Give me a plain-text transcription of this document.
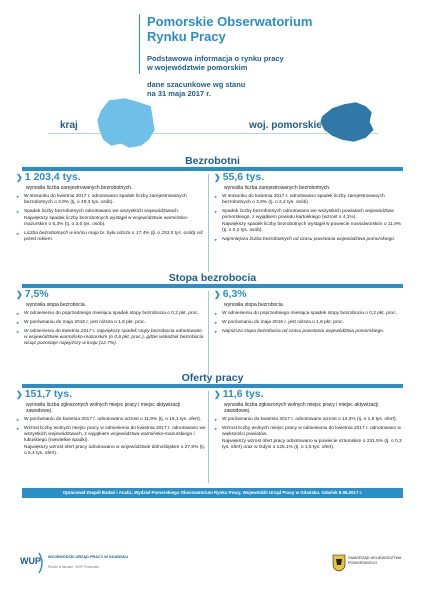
Pomorskie Obserwatorium
Rynku Pracy
Podstawowa informacja o rynku pracy
w województwie pomorskim
dane szacunkowe wg stanu
na 31 maja 2017 r.
kraj	woj. pomorskie
Bezrobotni
❯ 1 203,4 tys.
wynosiła liczba zarejestrowanych bezrobotnych.
► W stosunku do kwietnia 2017 r. odnotowano spadek liczby zarejestrowanych bezrobotnych o 3,9% (tj. o 49,3 tys. osób).
► Spadek liczby bezrobotnych odnotowano we wszystkich województwach.
Największy spadek liczby bezrobotnych wystąpił w województwie warmińsko-mazurskim o 5,3% (tj. o 3,6 tys. osób).
► Liczba bezrobotnych w końcu maja br. była niższa o 17,4% (tj. o 253,5 tys. osób) niż przed rokiem.
❯ 55,6 tys.
wynosiła liczba zarejestrowanych bezrobotnych.
► W stosunku do kwietnia 2017 r. odnotowano spadek liczby zarejestrowanych bezrobotnych o 3,9% (tj. o 2,2 tys. osób).
► Spadek liczby bezrobotnych odnotowano we wszystkich powiatach województwa pomorskiego, z wyjątkiem powiatu kartuskiego (wzrost o 4,1%).
Największy spadek liczby bezrobotnych wystąpił w powiecie nowodworskim o 11,9% (tj. o 0,2 tys. osób).
► Najmniejsza liczba bezrobotnych od czasu powstania województwa pomorskiego.
Stopa bezrobocia
❯ 7,5%
wynosiła stopa bezrobocia.
► W odniesieniu do poprzedniego miesiąca spadek stopy bezrobocia o 0,2 pkt. proc.
► W porównaniu do maja 2016 r. jest niższa o 1,6 pkt. proc.
► W odniesieniu do kwietnia 2017 r. największy spadek stopy bezrobocia odnotowano w województwie warmińsko-mazurskim (o 0,6 pkt. proc.), gdzie wskaźnik bezrobocia wciąż pozostaje najwyższy w kraju (12,7%).
❯ 6,3%
wynosiła stopa bezrobocia.
► W odniesieniu do poprzedniego miesiąca spadek stopy bezrobocia o 0,2 pkt. proc.
► W porównaniu do maja 2016 r. jest niższa o 1,8 pkt. proc.
► Najniższa stopa bezrobocia od czasu powstania województwa pomorskiego.
Oferty pracy
❯ 151,7 tys.
wynosiła liczba zgłoszonych wolnych miejsc pracy i miejsc aktywizacji zawodowej.
► W porównaniu do kwietnia 2017 r. odnotowano wzrost o 11,9% (tj. o 16,1 tys. ofert).
► Wzrost liczby wolnych miejsc pracy w odniesieniu do kwietnia 2017 r. odnotowano we wszystkich województwach, z wyjątkiem województwa warmińsko-mazurskiego i lubuskiego (niewielkie spadki).
Największy wzrost ofert pracy odnotowano w województwie dolnośląskim o 27,8% (tj. o 5,4 tys. ofert).
❯ 11,6 tys.
wynosiła liczba zgłoszonych wolnych miejsc pracy i miejsc aktywizacji zawodowej.
► W porównaniu do kwietnia 2017 r. odnotowano wzrost o 14,3% (tj. o 1,5 tys. ofert).
► Wzrost liczby wolnych miejsc pracy w odniesieniu do kwietnia 2017 r. odnotowano w większości powiatów.
Największy wzrost ofert pracy odnotowano w powiecie sztumskim o 231,5% (tj. o 0,3 tys. ofert) oraz w Gdyni o 125,1% (tj. o 1,5 tys. ofert).
Opracował Zespół Badań i Analiz, Wydział Pomorskiego Obserwatorium Rynku Pracy, Wojewódzki Urząd Pracy w Gdańsku. Gdańsk 8.06.2017 r.
WUP WOJEWÓDZKI URZĄD PRACY W GDAŃSKU
Rośnie w lariciała · WUP Pomorskie
SAMORZĄD WOJEWÓDZTWA POMORSKIEGO
